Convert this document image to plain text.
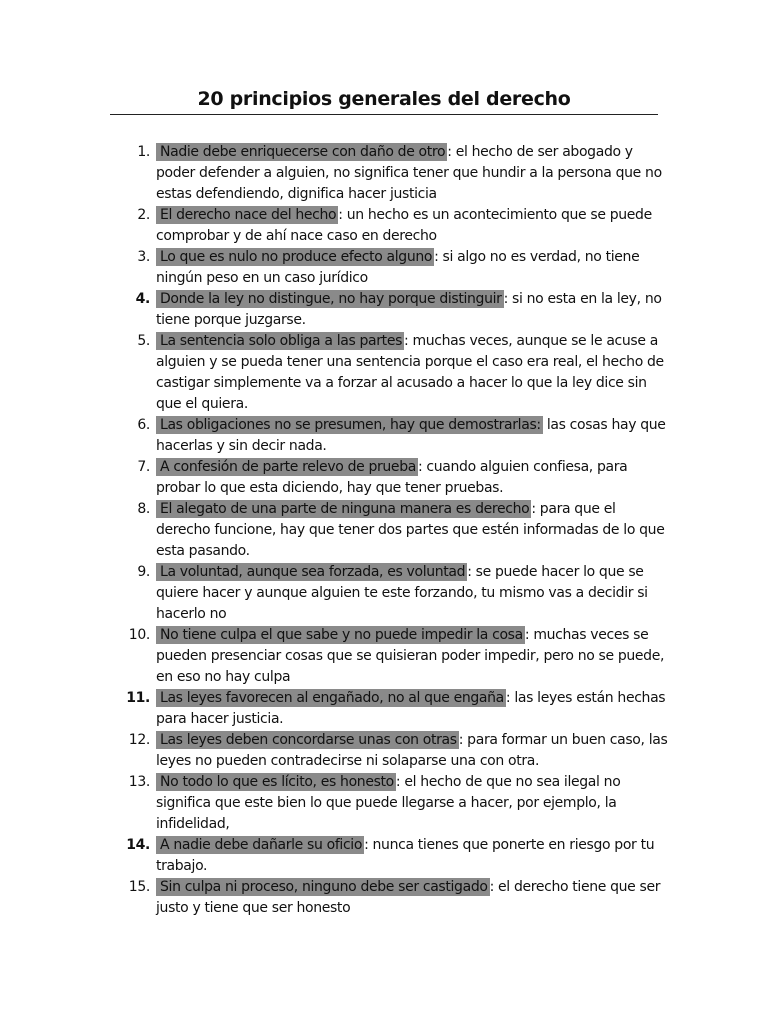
20 principios generales del derecho
1. Nadie debe enriquecerse con daño de otro : el hecho de ser abogado y poder defender a alguien, no significa tener que hundir a la persona que no estas defendiendo, dignifica hacer justicia
2. El derecho nace del hecho : un hecho es un acontecimiento que se puede comprobar y de ahí nace caso en derecho
3. Lo que es nulo no produce efecto alguno : si algo no es verdad, no tiene ningún peso en un caso jurídico
4. Donde la ley no distingue, no hay porque distinguir : si no esta en la ley, no tiene porque juzgarse.
5. La sentencia solo obliga a las partes : muchas veces, aunque se le acuse a alguien y se pueda tener una sentencia porque el caso era real, el hecho de castigar simplemente va a forzar al acusado a hacer lo que la ley dice sin que el quiera.
6. Las obligaciones no se presumen, hay que demostrarlas: las cosas hay que hacerlas y sin decir nada.
7. A confesión de parte relevo de prueba : cuando alguien confiesa, para probar lo que esta diciendo, hay que tener pruebas.
8. El alegato de una parte de ninguna manera es derecho : para que el derecho funcione, hay que tener dos partes que estén informadas de lo que esta pasando.
9. La voluntad, aunque sea forzada, es voluntad : se puede hacer lo que se quiere hacer y aunque alguien te este forzando, tu mismo vas a decidir si hacerlo no
10. No tiene culpa el que sabe y no puede impedir la cosa : muchas veces se pueden presenciar cosas que se quisieran poder impedir, pero no se puede, en eso no hay culpa
11. Las leyes favorecen al engañado, no al que engaña : las leyes están hechas para hacer justicia.
12. Las leyes deben concordarse unas con otras : para formar un buen caso, las leyes no pueden contradecirse ni solaparse una con otra.
13. No todo lo que es lícito, es honesto : el hecho de que no sea ilegal no significa que este bien lo que puede llegarse a hacer, por ejemplo, la infidelidad,
14. A nadie debe dañarle su oficio : nunca tienes que ponerte en riesgo por tu trabajo.
15. Sin culpa ni proceso, ninguno debe ser castigado : el derecho tiene que ser justo y tiene que ser honesto
